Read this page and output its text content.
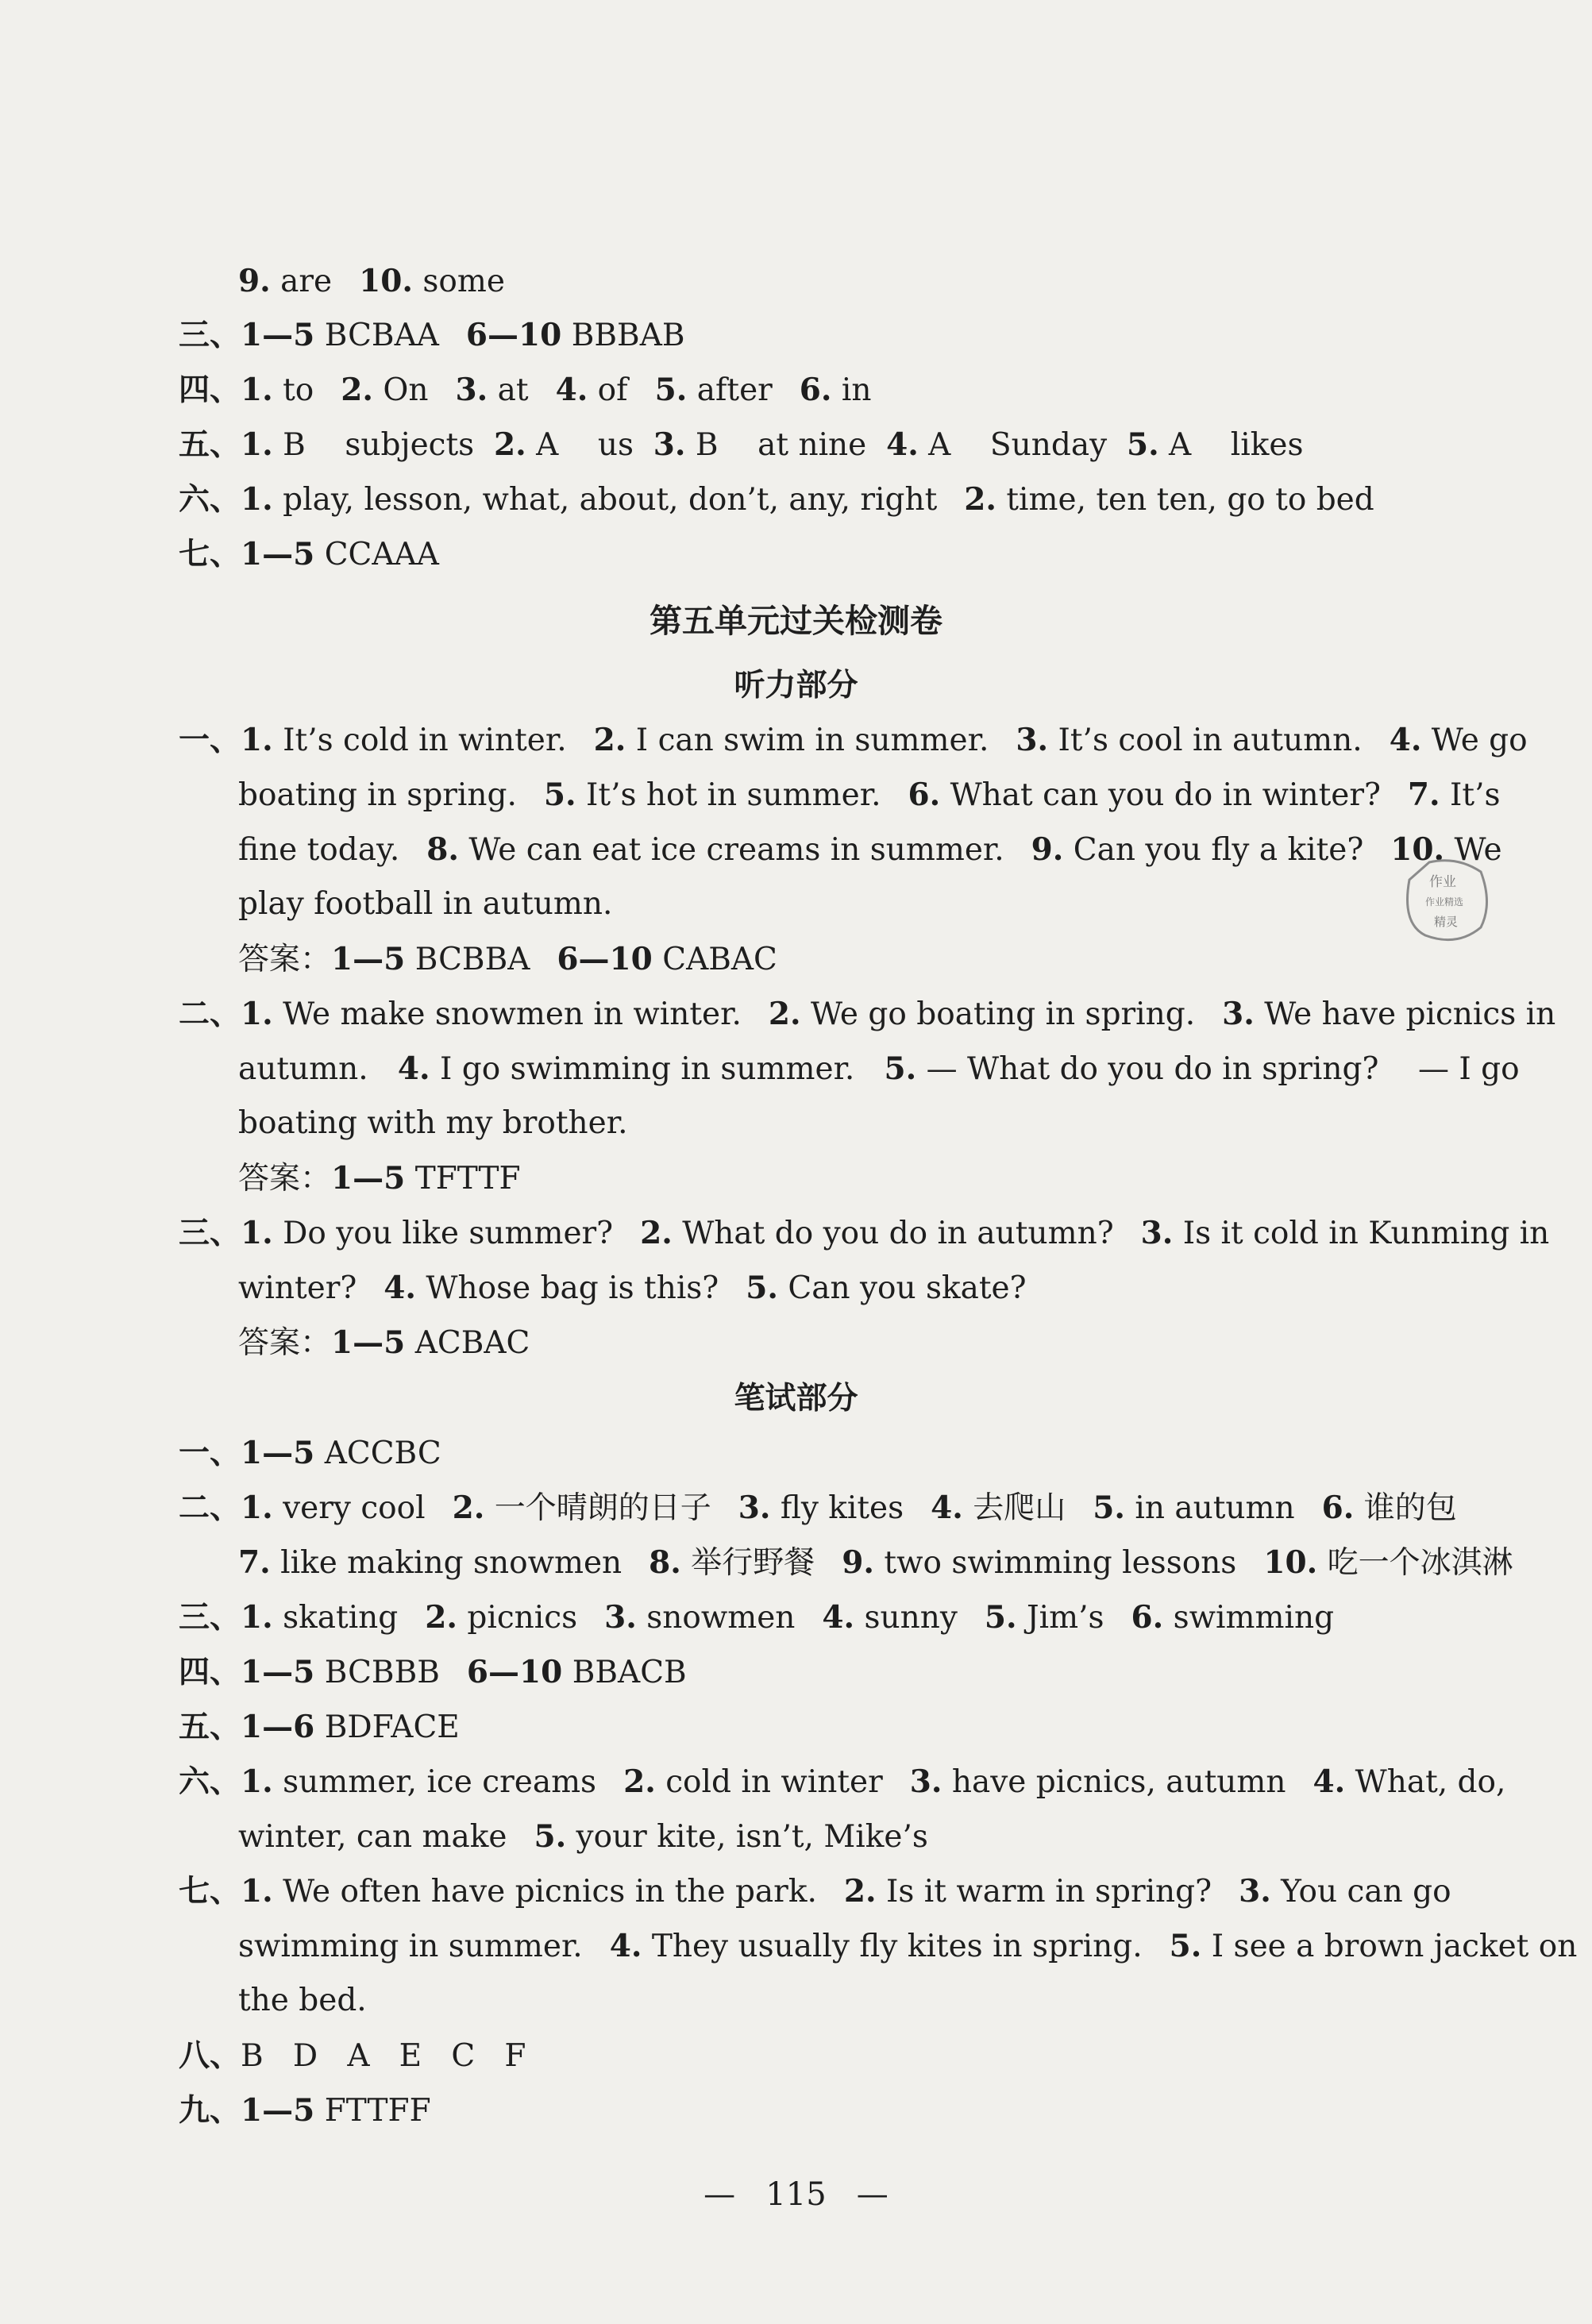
9. are 10. some
三、1—5 BCBAA 6—10 BBBAB
四、1. to 2. On 3. at 4. of 5. after 6. in
五、1. B    subjects 2. A    us 3. B    at nine 4. A    Sunday 5. A    likes
六、1. play, lesson, what, about, don’t, any, right 2. time, ten ten, go to bed
七、1—5 CCAAA
第五单元过关检测卷
听力部分
一、1. It’s cold in winter. 2. I can swim in summer. 3. It’s cool in autumn. 4. We go
boating in spring. 5. It’s hot in summer. 6. What can you do in winter? 7. It’s
fine today. 8. We can eat ice creams in summer. 9. Can you fly a kite? 10. We
play football in autumn.
答案：1—5 BCBBA 6—10 CABAC
作业
作业精选
精灵
二、1. We make snowmen in winter. 2. We go boating in spring. 3. We have picnics in
autumn. 4. I go swimming in summer. 5. — What do you do in spring?    — I go
boating with my brother.
答案：1—5 TFTTF
三、1. Do you like summer? 2. What do you do in autumn? 3. Is it cold in Kunming in
winter? 4. Whose bag is this? 5. Can you skate?
答案：1—5 ACBAC
笔试部分
一、1—5 ACCBC
二、1. very cool 2. 一个晴朗的日子 3. fly kites 4. 去爬山 5. in autumn 6. 谁的包
7. like making snowmen 8. 举行野餐 9. two swimming lessons 10. 吃一个冰淇淋
三、1. skating 2. picnics 3. snowmen 4. sunny 5. Jim’s 6. swimming
四、1—5 BCBBB 6—10 BBACB
五、1—6 BDFACE
六、1. summer, ice creams 2. cold in winter 3. have picnics, autumn 4. What, do,
winter, can make 5. your kite, isn’t, Mike’s
七、1. We often have picnics in the park. 2. Is it warm in spring? 3. You can go
swimming in summer. 4. They usually fly kites in spring. 5. I see a brown jacket on
the bed.
八、B   D   A   E   C   F
九、1—5 FTTFF
—   115   —
